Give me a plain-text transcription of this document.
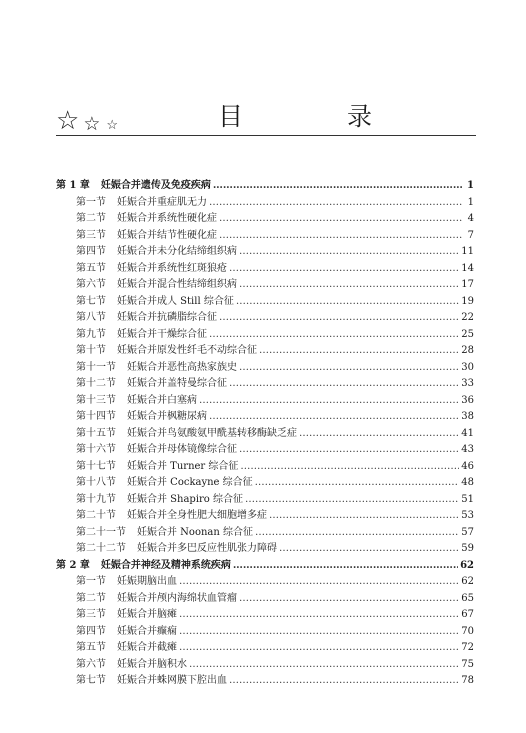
☆ ☆ ☆	目 录
第 1 章 妊娠合并遗传及免疫疾病 ……………………………………………………………………………………………………………………………………………………………………………………………………	1
第一节 妊娠合并重症肌无力 ……………………………………………………………………………………………………………………………………………………………………………………………………	1
第二节 妊娠合并系统性硬化症 ……………………………………………………………………………………………………………………………………………………………………………………………………	4
第三节 妊娠合并结节性硬化症 ……………………………………………………………………………………………………………………………………………………………………………………………………	7
第四节 妊娠合并未分化结缔组织病 ……………………………………………………………………………………………………………………………………………………………………………………………………	11
第五节 妊娠合并系统性红斑狼疮 ……………………………………………………………………………………………………………………………………………………………………………………………………	14
第六节 妊娠合并混合性结缔组织病 ……………………………………………………………………………………………………………………………………………………………………………………………………	17
第七节 妊娠合并成人 Still 综合征 ……………………………………………………………………………………………………………………………………………………………………………………………………	19
第八节 妊娠合并抗磷脂综合征 ……………………………………………………………………………………………………………………………………………………………………………………………………	22
第九节 妊娠合并干燥综合征 ……………………………………………………………………………………………………………………………………………………………………………………………………	25
第十节 妊娠合并原发性纤毛不动综合征 ……………………………………………………………………………………………………………………………………………………………………………………………………	28
第十一节 妊娠合并恶性高热家族史 ……………………………………………………………………………………………………………………………………………………………………………………………………	30
第十二节 妊娠合并盖特曼综合征 ……………………………………………………………………………………………………………………………………………………………………………………………………	33
第十三节 妊娠合并白塞病 ……………………………………………………………………………………………………………………………………………………………………………………………………	36
第十四节 妊娠合并枫糖尿病 ……………………………………………………………………………………………………………………………………………………………………………………………………	38
第十五节 妊娠合并鸟氨酸氨甲酰基转移酶缺乏症 ……………………………………………………………………………………………………………………………………………………………………………………………………	41
第十六节 妊娠合并母体镜像综合征 ……………………………………………………………………………………………………………………………………………………………………………………………………	43
第十七节 妊娠合并 Turner 综合征 ……………………………………………………………………………………………………………………………………………………………………………………………………	46
第十八节 妊娠合并 Cockayne 综合征 ……………………………………………………………………………………………………………………………………………………………………………………………………	48
第十九节 妊娠合并 Shapiro 综合征 ……………………………………………………………………………………………………………………………………………………………………………………………………	51
第二十节 妊娠合并全身性肥大细胞增多症 ……………………………………………………………………………………………………………………………………………………………………………………………………	53
第二十一节 妊娠合并 Noonan 综合征 ……………………………………………………………………………………………………………………………………………………………………………………………………	57
第二十二节 妊娠合并多巴反应性肌张力障碍 ……………………………………………………………………………………………………………………………………………………………………………………………………	59
第 2 章 妊娠合并神经及精神系统疾病 ……………………………………………………………………………………………………………………………………………………………………………………………………	62
第一节 妊娠期脑出血 ……………………………………………………………………………………………………………………………………………………………………………………………………	62
第二节 妊娠合并颅内海绵状血管瘤 ……………………………………………………………………………………………………………………………………………………………………………………………………	65
第三节 妊娠合并脑瘫 ……………………………………………………………………………………………………………………………………………………………………………………………………	67
第四节 妊娠合并癫痫 ……………………………………………………………………………………………………………………………………………………………………………………………………	70
第五节 妊娠合并截瘫 ……………………………………………………………………………………………………………………………………………………………………………………………………	72
第六节 妊娠合并脑积水 ……………………………………………………………………………………………………………………………………………………………………………………………………	75
第七节 妊娠合并蛛网膜下腔出血 ……………………………………………………………………………………………………………………………………………………………………………………………………	78
